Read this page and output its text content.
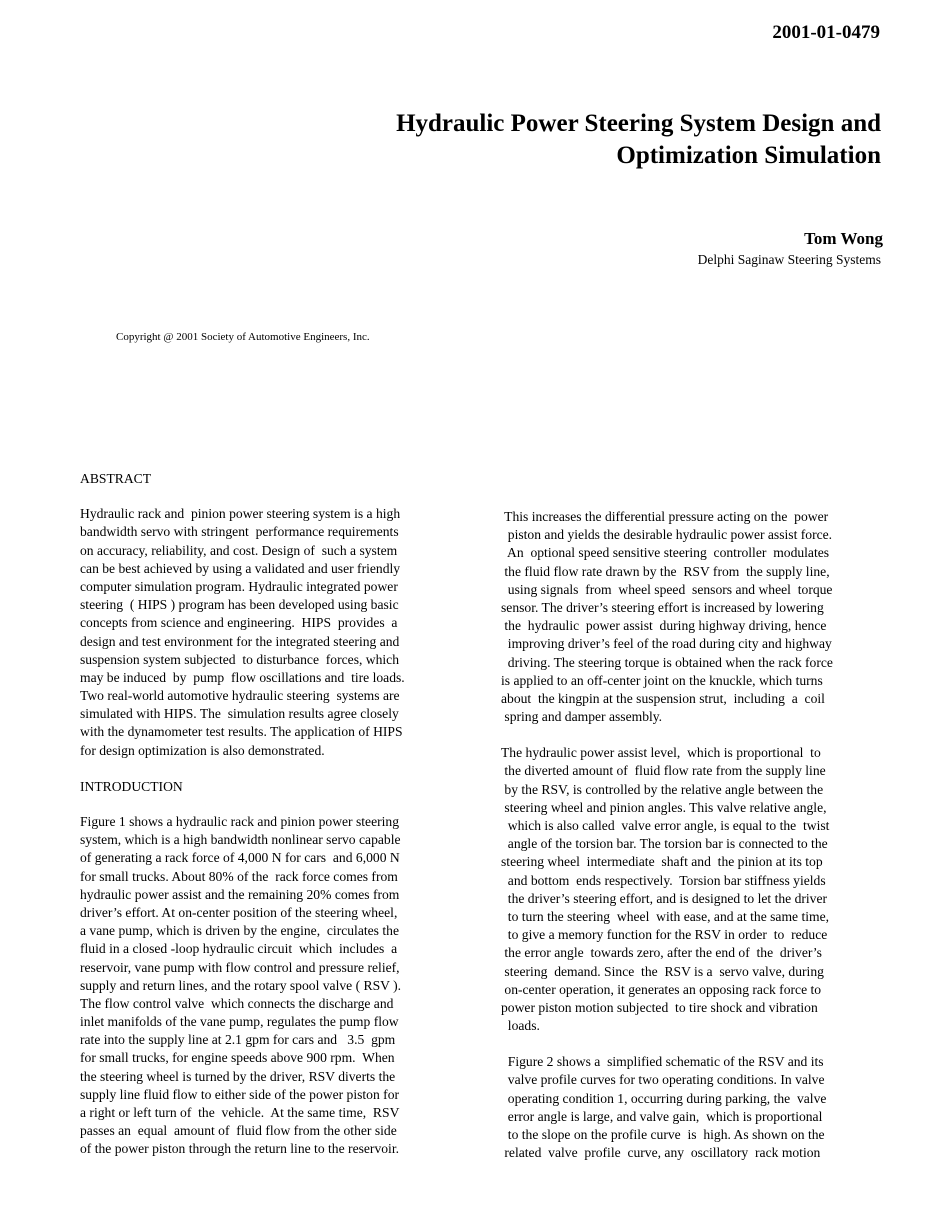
2001-01-0479
Hydraulic Power Steering System Design and
Optimization Simulation
Tom Wong
Delphi Saginaw Steering Systems
Copyright @ 2001 Society of Automotive Engineers, Inc.
ABSTRACT
Hydraulic rack and  pinion power steering system is a high
bandwidth servo with stringent  performance requirements
on accuracy, reliability, and cost. Design of  such a system
can be best achieved by using a validated and user friendly
computer simulation program. Hydraulic integrated power
steering  ( HIPS ) program has been developed using basic
concepts from science and engineering.  HIPS  provides  a
design and test environment for the integrated steering and
suspension system subjected  to disturbance  forces, which
may be induced  by  pump  flow oscillations and  tire loads.
Two real-world automotive hydraulic steering  systems are
simulated with HIPS. The  simulation results agree closely
with the dynamometer test results. The application of HIPS
for design optimization is also demonstrated.
INTRODUCTION
Figure 1 shows a hydraulic rack and pinion power steering
system, which is a high bandwidth nonlinear servo capable
of generating a rack force of 4,000 N for cars  and 6,000 N
for small trucks. About 80% of the  rack force comes from
hydraulic power assist and the remaining 20% comes from
driver’s effort. At on-center position of the steering wheel,
a vane pump, which is driven by the engine,  circulates the
fluid in a closed -loop hydraulic circuit  which  includes  a
reservoir, vane pump with flow control and pressure relief,
supply and return lines, and the rotary spool valve ( RSV ).
The flow control valve  which connects the discharge and
inlet manifolds of the vane pump, regulates the pump flow
rate into the supply line at 2.1 gpm for cars and   3.5  gpm
for small trucks, for engine speeds above 900 rpm.  When
the steering wheel is turned by the driver, RSV diverts the
supply line fluid flow to either side of the power piston for
a right or left turn of  the  vehicle.  At the same time,  RSV
passes an  equal  amount of  fluid flow from the other side
of the power piston through the return line to the reservoir.
This increases the differential pressure acting on the  power
piston and yields the desirable hydraulic power assist force.
An  optional speed sensitive steering  controller  modulates
the fluid flow rate drawn by the  RSV from  the supply line,
using signals  from  wheel speed  sensors and wheel  torque
sensor. The driver’s steering effort is increased by lowering
the  hydraulic  power assist  during highway driving, hence
improving driver’s feel of the road during city and highway
driving. The steering torque is obtained when the rack force
is applied to an off-center joint on the knuckle, which turns
about  the kingpin at the suspension strut,  including  a  coil
spring and damper assembly.
The hydraulic power assist level,  which is proportional  to
the diverted amount of  fluid flow rate from the supply line
by the RSV, is controlled by the relative angle between the
steering wheel and pinion angles. This valve relative angle,
which is also called  valve error angle, is equal to the  twist
angle of the torsion bar. The torsion bar is connected to the
steering wheel  intermediate  shaft and  the pinion at its top
and bottom  ends respectively.  Torsion bar stiffness yields
the driver’s steering effort, and is designed to let the driver
to turn the steering  wheel  with ease, and at the same time,
to give a memory function for the RSV in order  to  reduce
the error angle  towards zero, after the end of  the  driver’s
steering  demand. Since  the  RSV is a  servo valve, during
on-center operation, it generates an opposing rack force to
power piston motion subjected  to tire shock and vibration
loads.
Figure 2 shows a  simplified schematic of the RSV and its
valve profile curves for two operating conditions. In valve
operating condition 1, occurring during parking, the  valve
error angle is large, and valve gain,  which is proportional
to the slope on the profile curve  is  high. As shown on the
related  valve  profile  curve, any  oscillatory  rack motion
